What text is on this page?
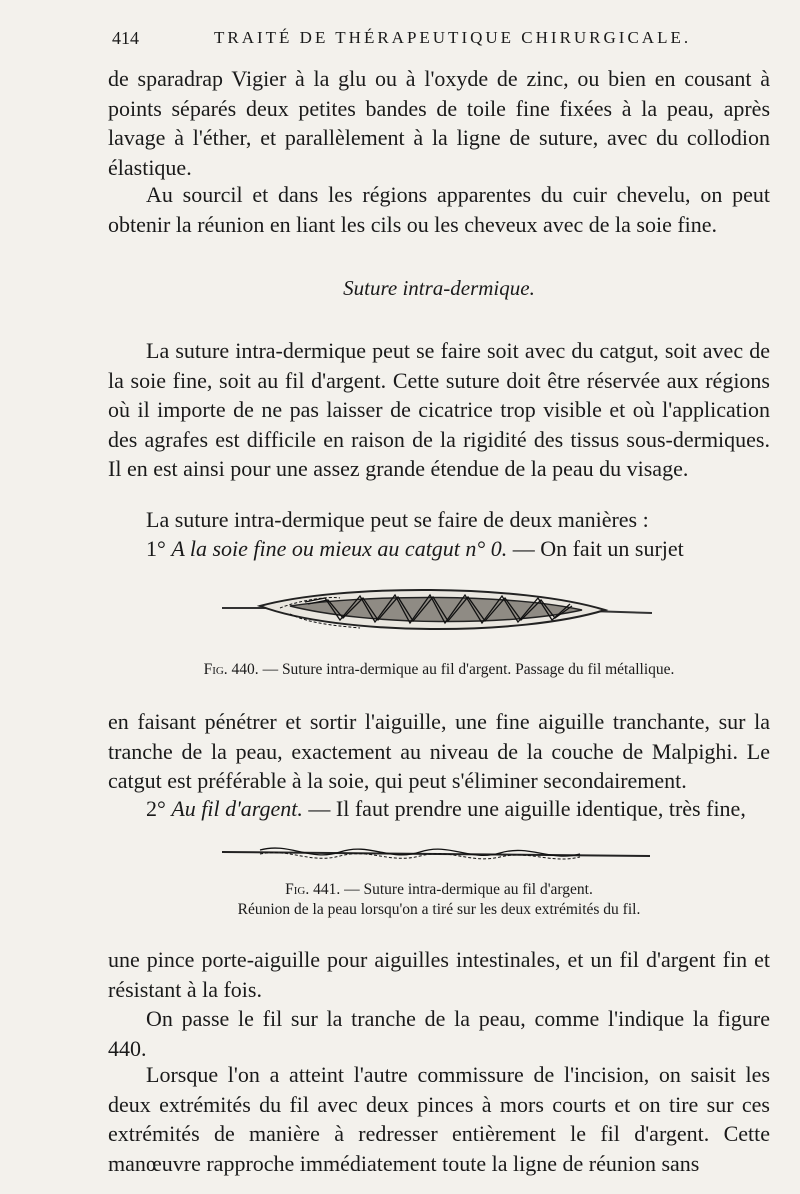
414	TRAITÉ DE THÉRAPEUTIQUE CHIRURGICALE.

de sparadrap Vigier à la glu ou à l'oxyde de zinc, ou bien en cousant à points séparés deux petites bandes de toile fine fixées à la peau, après lavage à l'éther, et parallèlement à la ligne de suture, avec du collodion élastique.

Au sourcil et dans les régions apparentes du cuir chevelu, on peut obtenir la réunion en liant les cils ou les cheveux avec de la soie fine.

Suture intra-dermique.

La suture intra-dermique peut se faire soit avec du catgut, soit avec de la soie fine, soit au fil d'argent. Cette suture doit être réservée aux régions où il importe de ne pas laisser de cicatrice trop visible et où l'application des agrafes est difficile en raison de la rigidité des tissus sous-dermiques. Il en est ainsi pour une assez grande étendue de la peau du visage.

La suture intra-dermique peut se faire de deux manières :

1° A la soie fine ou mieux au catgut n° 0. — On fait un surjet

Fig. 440. — Suture intra-dermique au fil d'argent. Passage du fil métallique.

en faisant pénétrer et sortir l'aiguille, une fine aiguille tranchante, sur la tranche de la peau, exactement au niveau de la couche de Malpighi. Le catgut est préférable à la soie, qui peut s'éliminer secondairement.

2° Au fil d'argent. — Il faut prendre une aiguille identique, très fine,

Fig. 441. — Suture intra-dermique au fil d'argent.
Réunion de la peau lorsqu'on a tiré sur les deux extrémités du fil.

une pince porte-aiguille pour aiguilles intestinales, et un fil d'argent fin et résistant à la fois.

On passe le fil sur la tranche de la peau, comme l'indique la figure 440.

Lorsque l'on a atteint l'autre commissure de l'incision, on saisit les deux extrémités du fil avec deux pinces à mors courts et on tire sur ces extrémités de manière à redresser entièrement le fil d'argent. Cette manœuvre rapproche immédiatement toute la ligne de réunion sans
